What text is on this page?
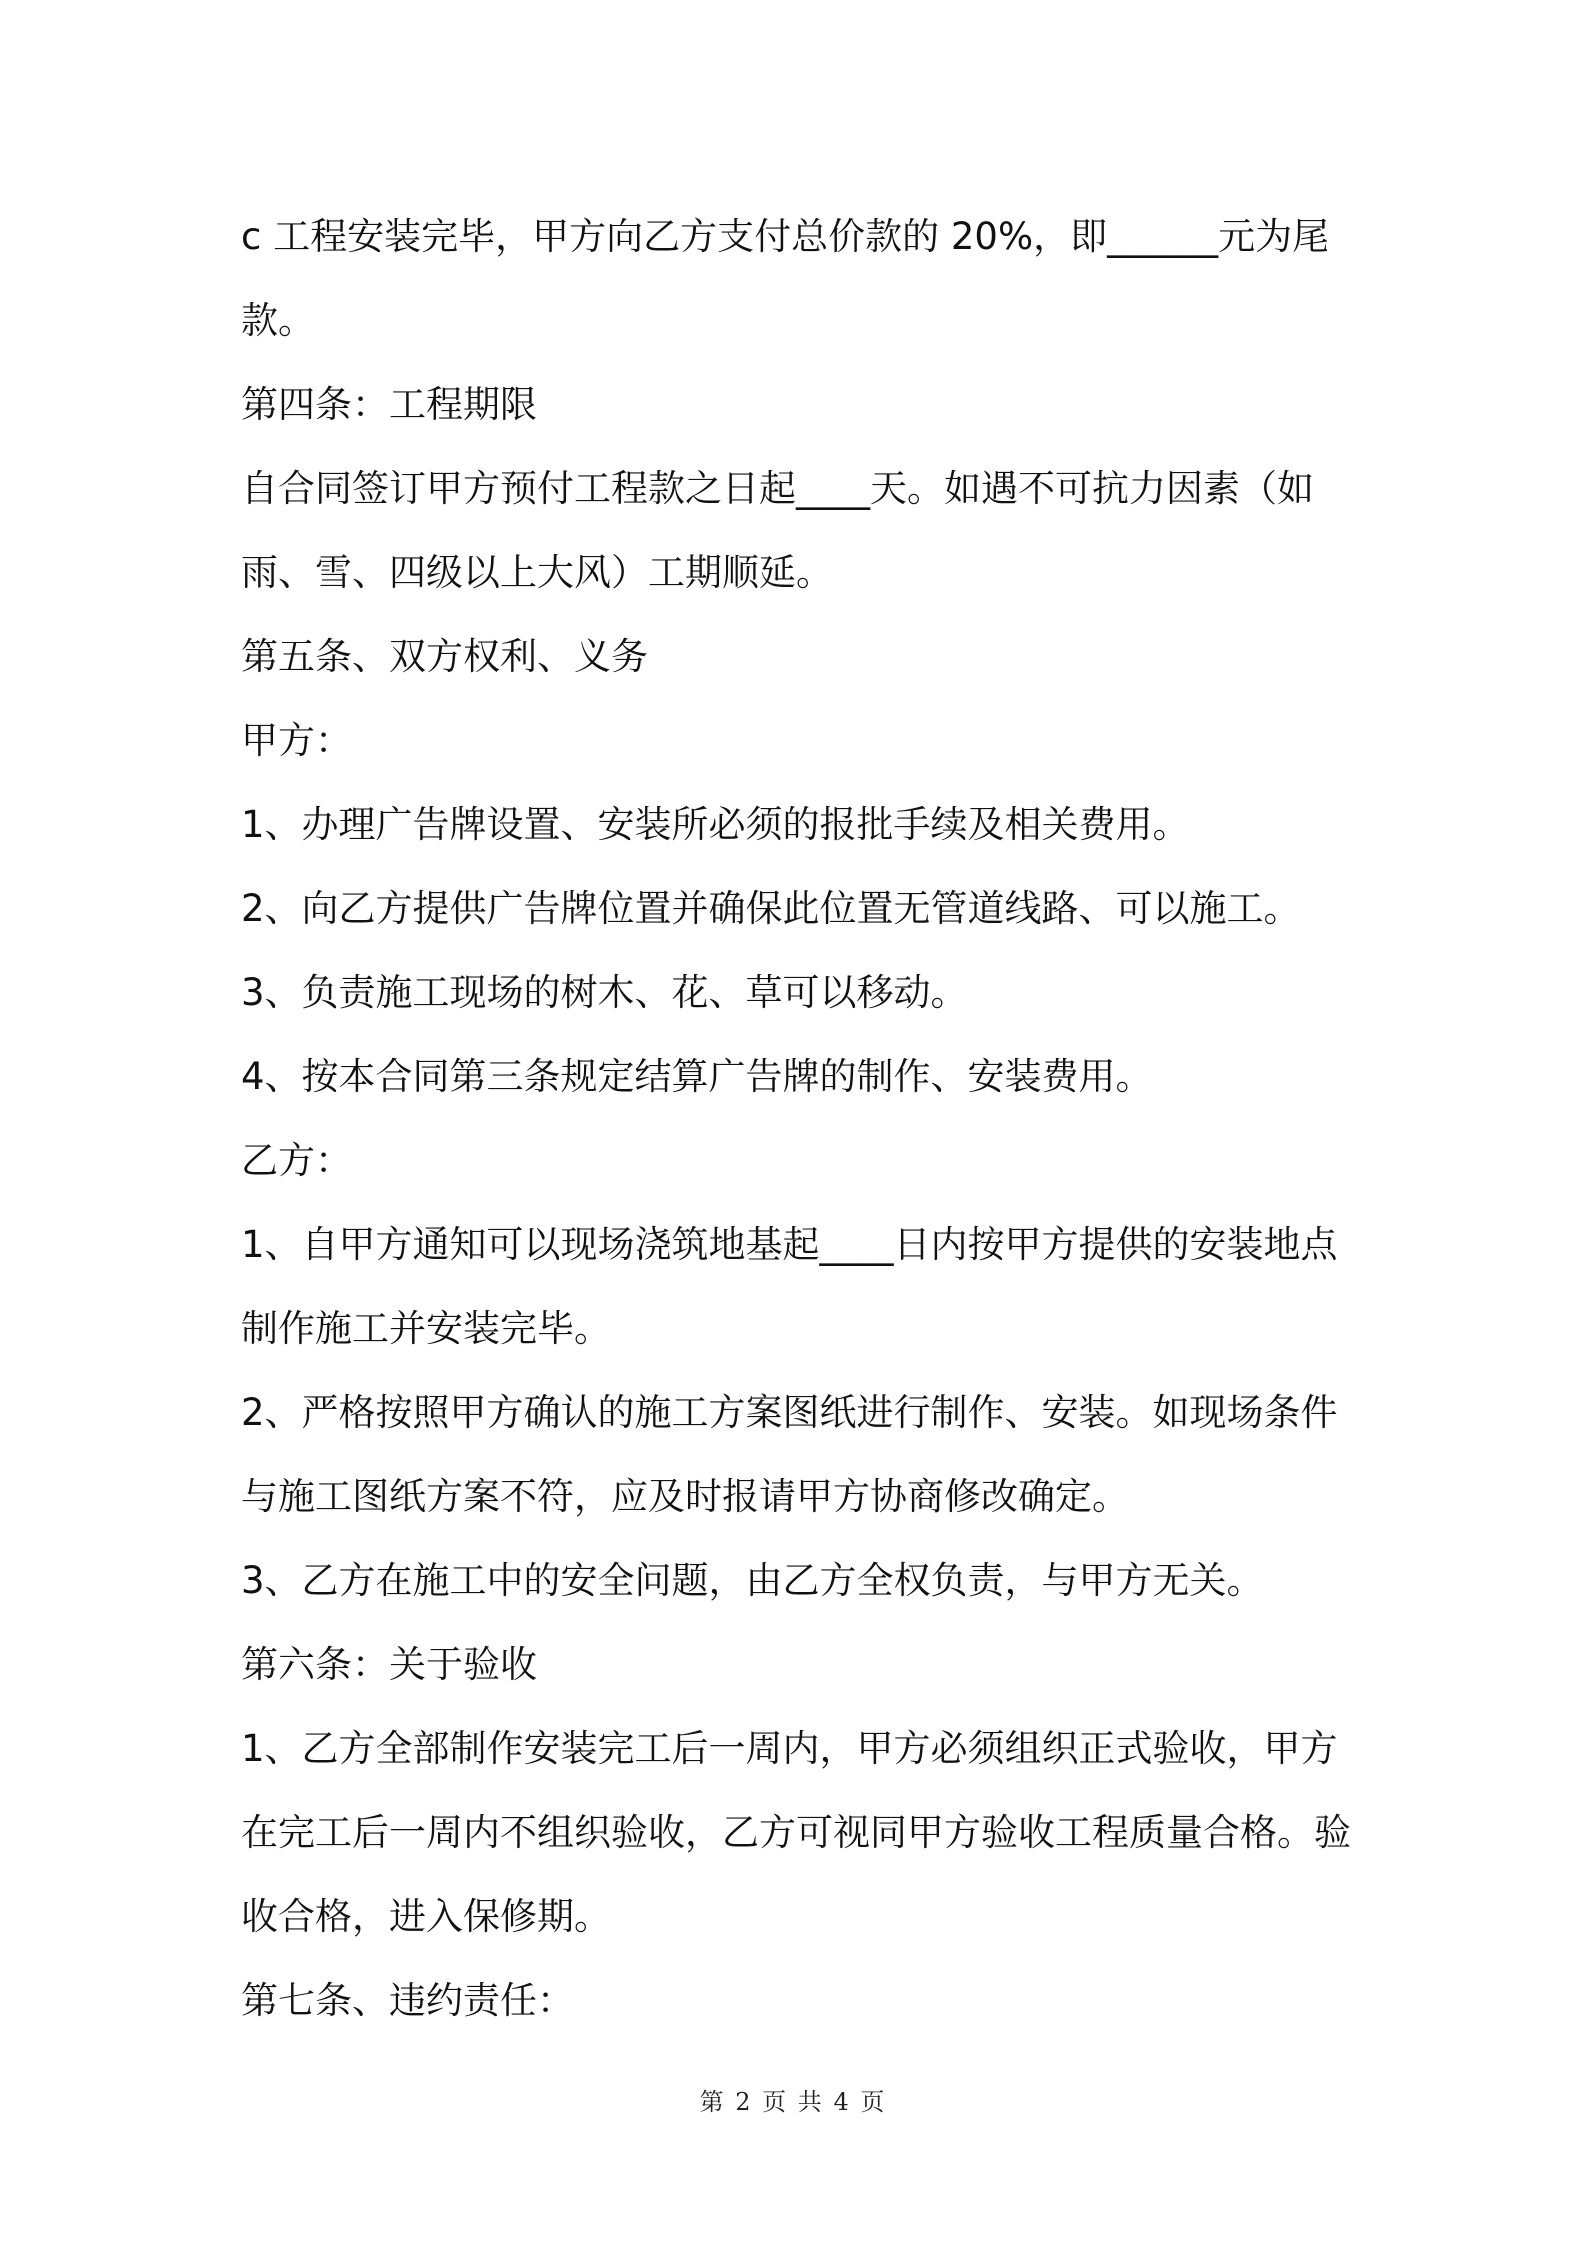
c 工程安装完毕，甲方向乙方支付总价款的 20%，即______元为尾款。

第四条：工程期限

自合同签订甲方预付工程款之日起____天。如遇不可抗力因素（如雨、雪、四级以上大风）工期顺延。

第五条、双方权利、义务

甲方：

1、办理广告牌设置、安装所必须的报批手续及相关费用。

2、向乙方提供广告牌位置并确保此位置无管道线路、可以施工。

3、负责施工现场的树木、花、草可以移动。

4、按本合同第三条规定结算广告牌的制作、安装费用。

乙方：

1、自甲方通知可以现场浇筑地基起____日内按甲方提供的安装地点制作施工并安装完毕。

2、严格按照甲方确认的施工方案图纸进行制作、安装。如现场条件与施工图纸方案不符，应及时报请甲方协商修改确定。

3、乙方在施工中的安全问题，由乙方全权负责，与甲方无关。

第六条：关于验收

1、乙方全部制作安装完工后一周内，甲方必须组织正式验收，甲方在完工后一周内不组织验收，乙方可视同甲方验收工程质量合格。验收合格，进入保修期。

第七条、违约责任：

第 2 页 共 4 页
